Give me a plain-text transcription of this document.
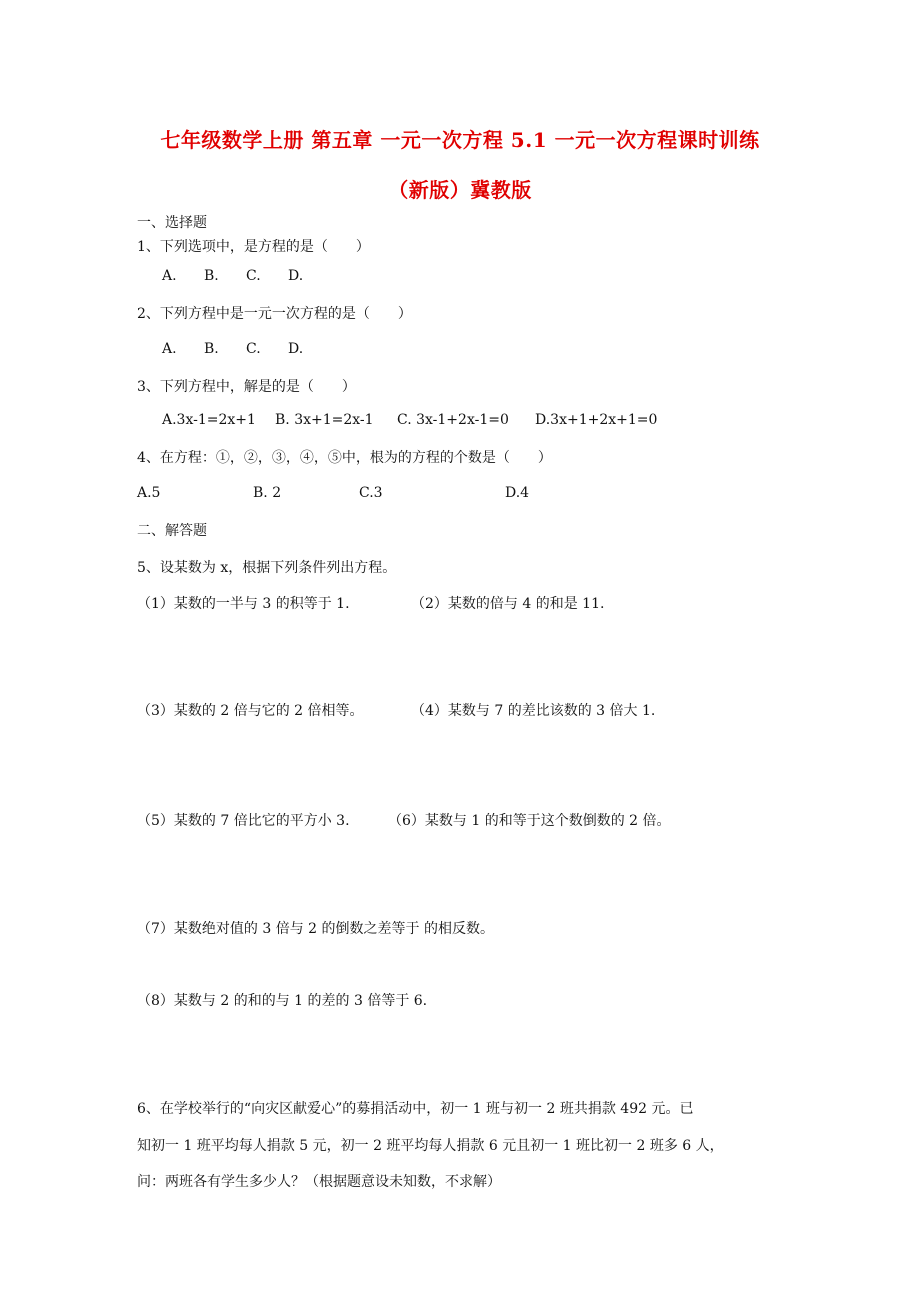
七年级数学上册 第五章 一元一次方程 5.1 一元一次方程课时训练
（新版）冀教版
一、选择题
1、下列选项中，是方程的是（　　）
A. B. C. D.
2、下列方程中是一元一次方程的是（　　）
A. B. C. D.
3、下列方程中，解是的是（　　）
A.3x-1=2x+1 B. 3x+1=2x-1 C. 3x-1+2x-1=0 D.3x+1+2x+1=0
4、在方程：①，②，③，④，⑤中，根为的方程的个数是（　　）
A.5	B. 2	C.3	D.4
二、解答题
5、设某数为 x，根据下列条件列出方程。
（1）某数的一半与 3 的积等于 1.	（2）某数的倍与 4 的和是 11.
（3）某数的 2 倍与它的 2 倍相等。	（4）某数与 7 的差比该数的 3 倍大 1.
（5）某数的 7 倍比它的平方小 3.	（6）某数与 1 的和等于这个数倒数的 2 倍。
（7）某数绝对值的 3 倍与 2 的倒数之差等于 的相反数。
（8）某数与 2 的和的与 1 的差的 3 倍等于 6.
6、在学校举行的“向灾区献爱心”的募捐活动中，初一 1 班与初一 2 班共捐款 492 元。已
知初一 1 班平均每人捐款 5 元，初一 2 班平均每人捐款 6 元且初一 1 班比初一 2 班多 6 人，
问：两班各有学生多少人？（根据题意设未知数，不求解）
